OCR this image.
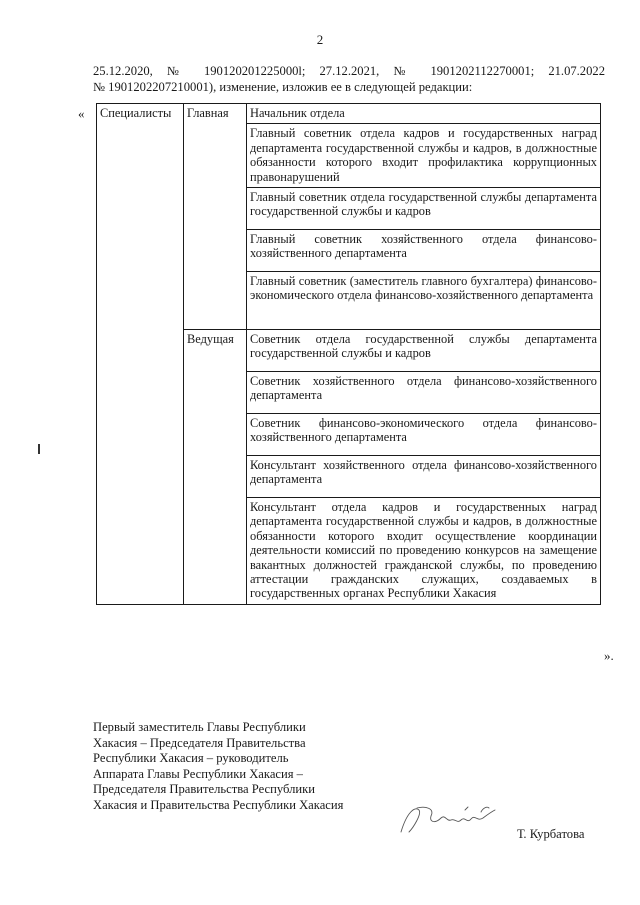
2
25.12.2020, № 190120201225000l; 27.12.2021, № 1901202112270001; 21.07.2022
№ 1901202207210001), изменение, изложив ее в следующей редакции:
« Специалисты	Главная	Начальник отдела
		Главный советник отдела кадров и государственных наград департамента государственной службы и кадров, в должностные обязанности которого входит профилактика коррупционных правонарушений
		Главный советник отдела государственной службы департамента государственной службы и кадров
		Главный советник хозяйственного отдела финансово-хозяйственного департамента
		Главный советник (заместитель главного бухгалтера) финансово-экономического отдела финансово-хозяйственного департамента
	Ведущая	Советник отдела государственной службы департамента государственной службы и кадров
		Советник хозяйственного отдела финансово-хозяйственного департамента
		Советник финансово-экономического отдела финансово-хозяйственного департамента
		Консультант хозяйственного отдела финансово-хозяйственного департамента
		Консультант отдела кадров и государственных наград департамента государственной службы и кадров, в должностные обязанности которого входит осуществление координации деятельности комиссий по проведению конкурсов на замещение вакантных должностей гражданской службы, по проведению аттестации гражданских служащих, создаваемых в государственных органах Республики Хакасия
».
Первый заместитель Главы Республики
Хакасия – Председателя Правительства
Республики Хакасия – руководитель
Аппарата Главы Республики Хакасия –
Председателя Правительства Республики
Хакасия и Правительства Республики Хакасия
Т. Курбатова
